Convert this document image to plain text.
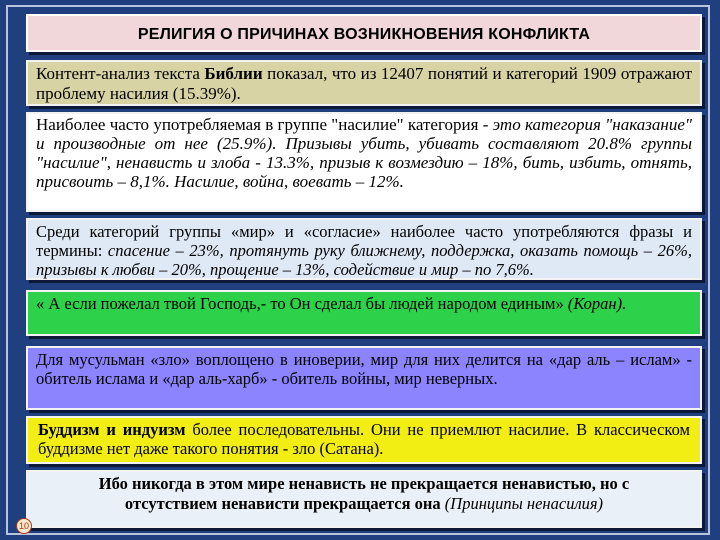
РЕЛИГИЯ О ПРИЧИНАХ ВОЗНИКНОВЕНИЯ КОНФЛИКТА
Контент-анализ текста Библии показал, что из 12407 понятий и категорий 1909 отражают проблему насилия (15.39%).
Наиболее часто употребляемая в группе "насилие" категория - это категория "наказание" и производные от нее (25.9%). Призывы убить, убивать составляют 20.8% группы "насилие", ненависть и злоба - 13.3%, призыв к возмездию – 18%, бить, избить, отнять, присвоить – 8,1%. Насилие, война, воевать – 12%.
Среди категорий группы «мир» и «согласие» наиболее часто употребляются фразы и термины: спасение – 23%, протянуть руку ближнему, поддержка, оказать помощь – 26%, призывы к любви – 20%, прощение – 13%, содействие и мир – по 7,6%.
« А если пожелал твой Господь,- то Он сделал бы людей народом единым» (Коран).
Для мусульман «зло» воплощено в иноверии, мир для них делится на «дар аль – ислам» - обитель ислама и «дар аль-харб» - обитель войны, мир неверных.
Буддизм и индуизм более последовательны. Они не приемлют насилие. В классическом буддизме нет даже такого понятия - зло (Сатана).
Ибо никогда в этом мире ненависть не прекращается ненавистью, но с отсутствием ненависти прекращается она (Принципы ненасилия)
10
